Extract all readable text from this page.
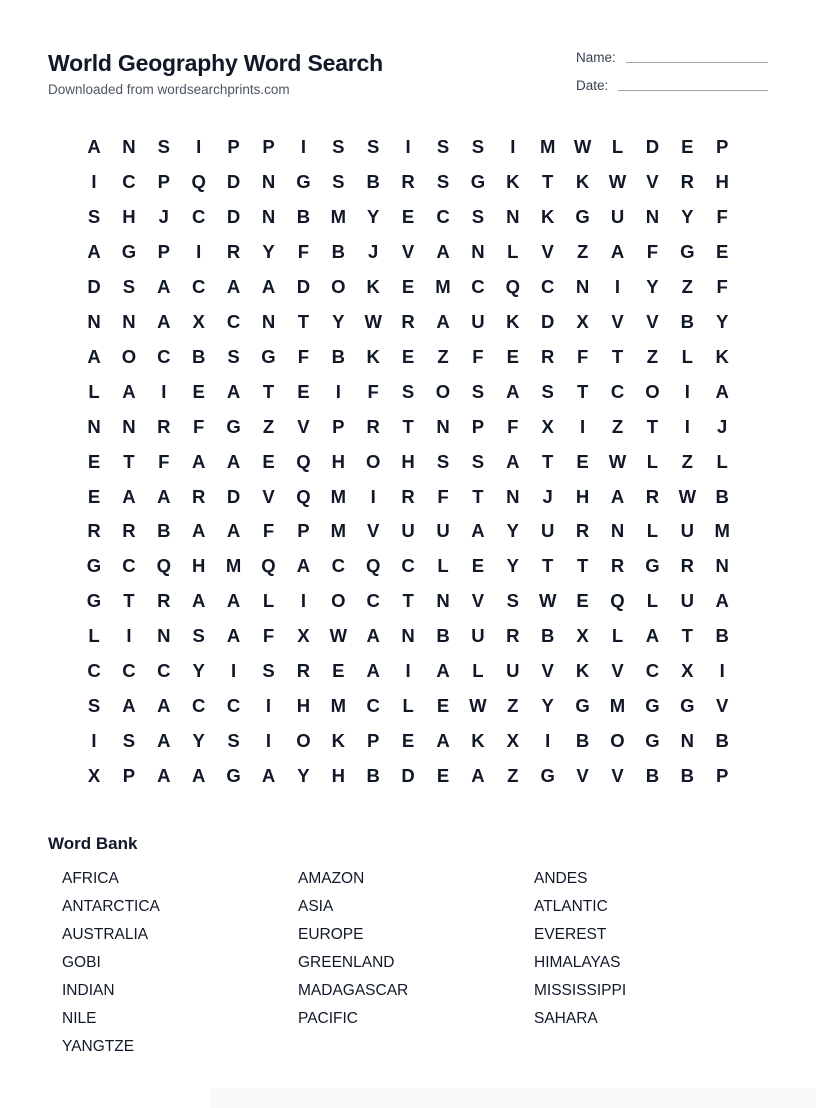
World Geography Word Search
Downloaded from wordsearchprints.com
Name:
Date:
A	N	S	I	P	P	I	S	S	I	S	S	I	M W	L	D	E	P
I	C	P	Q	D	N	G	S	B	R	S	G	K	T	K	W	V	R	H
S	H	J	C	D	N	B	M	Y	E	C	S	N	K	G	U	N	Y	F
A	G	P	I	R	Y	F	B	J	V	A	N	L	V	Z	A	F	G	E
D	S	A	C	A	A	D	O	K	E	M	C	Q	C	N	I	Y	Z	F
N	N	A	X	C	N	T	Y	W	R	A	U	K	D	X	V	V	B	Y
A	O	C	B	S	G	F	B	K	E	Z	F	E	R	F	T	Z	L	K
L	A	I	E	A	T	E	I	F	S	O	S	A	S	T	C	O	I	A
N	N	R	F	G	Z	V	P	R	T	N	P	F	X	I	Z	T	I	J
E	T	F	A	A	E	Q	H	O	H	S	S	A	T	E	W	L	Z	L
E	A	A	R	D	V	Q	M	I	R	F	T	N	J	H	A	R	W	B
R	R	B	A	A	F	P	M	V	U	U	A	Y	U	R	N	L	U	M
G	C	Q	H	M	Q	A	C	Q	C	L	E	Y	T	T	R	G	R	N
G	T	R	A	A	L	I	O	C	T	N	V	S	W	E	Q	L	U	A
L	I	N	S	A	F	X	W	A	N	B	U	R	B	X	L	A	T	B
C	C	C	Y	I	S	R	E	A	I	A	L	U	V	K	V	C	X	I
S	A	A	C	C	I	H	M	C	L	E	W	Z	Y	G	M	G	G	V
I	S	A	Y	S	I	O	K	P	E	A	K	X	I	B	O	G	N	B
X	P	A	A	G	A	Y	H	B	D	E	A	Z	G	V	V	B	B	P
Word Bank
AFRICA	AMAZON	ANDES
ANTARCTICA	ASIA	ATLANTIC
AUSTRALIA	EUROPE	EVEREST
GOBI	GREENLAND	HIMALAYAS
INDIAN	MADAGASCAR	MISSISSIPPI
NILE	PACIFIC	SAHARA
YANGTZE
